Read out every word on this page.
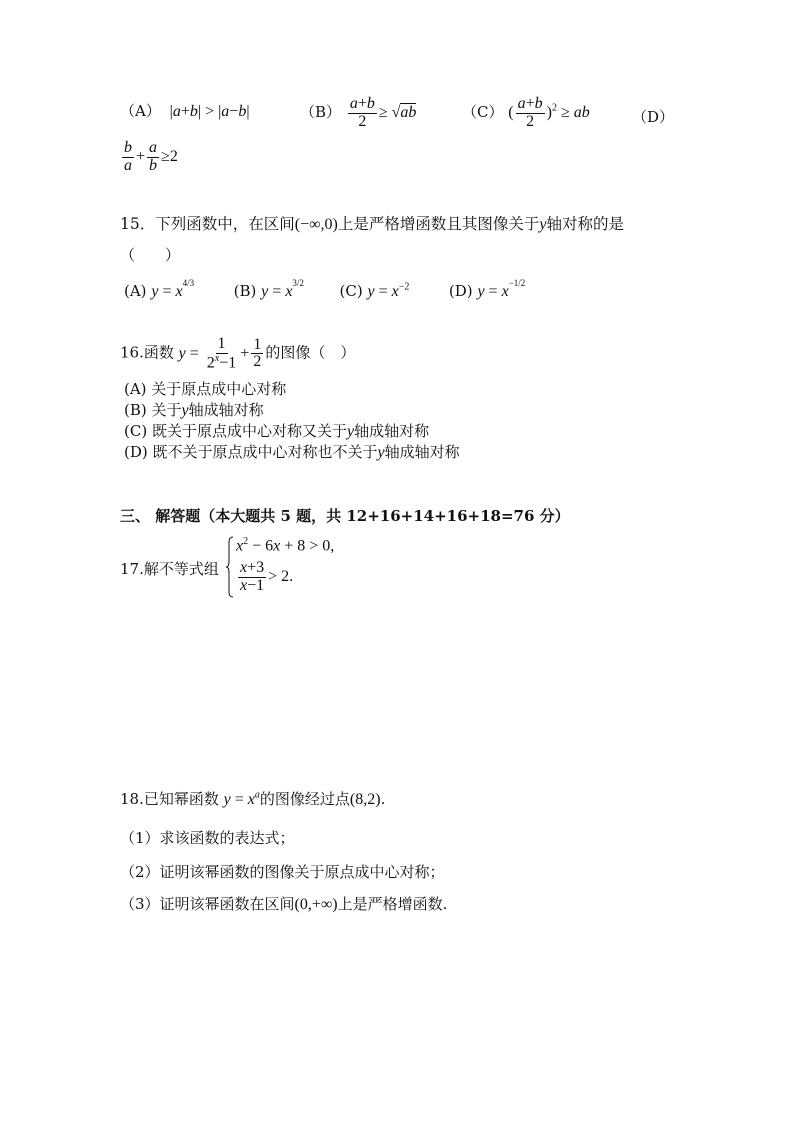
（A） |a+b| > |a−b|	$(B) \frac{a+b}{2} \ge √ab$	（C） ( $\frac{a+b}{2} )^2$ ≥ ab	（D）
$\frac{b}{a} + \frac{a}{b} \ge 2$
15．下列函数中，在区间(−∞,0)上是严格增函数且其图像关于y轴对称的是
（　　）
(A) $y = x^{4/3}$	(B) $y = x^{3/2}$ (C) $y = x^{-2}$	(D) $y = x^{-1/2}$
16.函数 $y = \frac{1}{2^x-1} + \frac{1}{2}$ 的图像（　）
(A) 关于原点成中心对称
(B) 关于y轴成轴对称
(C) 既关于原点成中心对称又关于y轴成轴对称
(D) 既不关于原点成中心对称也不关于y轴成轴对称
三、 解答题（本大题共 5 题，共 12+16+14+16+18=76 分）
17.解不等式组
$x^2 - 6x + 8 > 0$,
$\frac{x+3}{x-1} > 2$.
18.已知幂函数 $y = x^a$的图像经过点(8,2).
（1）求该函数的表达式；
（2）证明该幂函数的图像关于原点成中心对称；
（3）证明该幂函数在区间(0,+∞)上是严格增函数.
